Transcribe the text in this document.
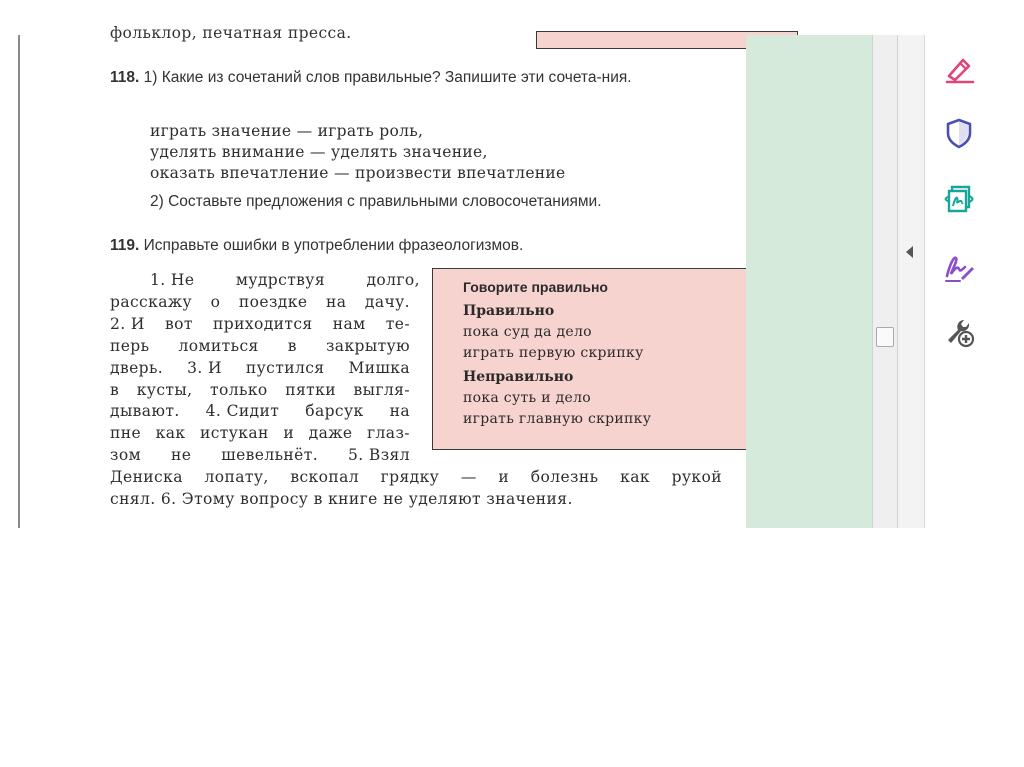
фольклор, печатная пресса.
118. 1) Какие из сочетаний слов правильные? Запишите эти сочета-ния.
играть значение — играть роль,
уделять внимание — уделять значение,
оказать впечатление — произвести впечатление
2) Составьте предложения с правильными словосочетаниями.
119. Исправьте ошибки в употреблении фразеологизмов.
1. Не	мудрствуя	долго,
расскажу о поездке на дачу.
2. И вот приходится нам те-
перь ломиться в закрытую
дверь. 3. И пустился Мишка
в кусты, только пятки выгля-
дывают. 4. Сидит барсук на
пне как истукан и даже глаз-
зом не шевельнёт. 5. Взял
Дениска лопату, вскопал грядку — и болезнь как рукой
снял. 6. Этому вопросу в книге не уделяют значения.
Говорите правильно
Правильно
пока суд да дело
играть первую скрипку
Неправильно
пока суть и дело
играть главную скрипку
